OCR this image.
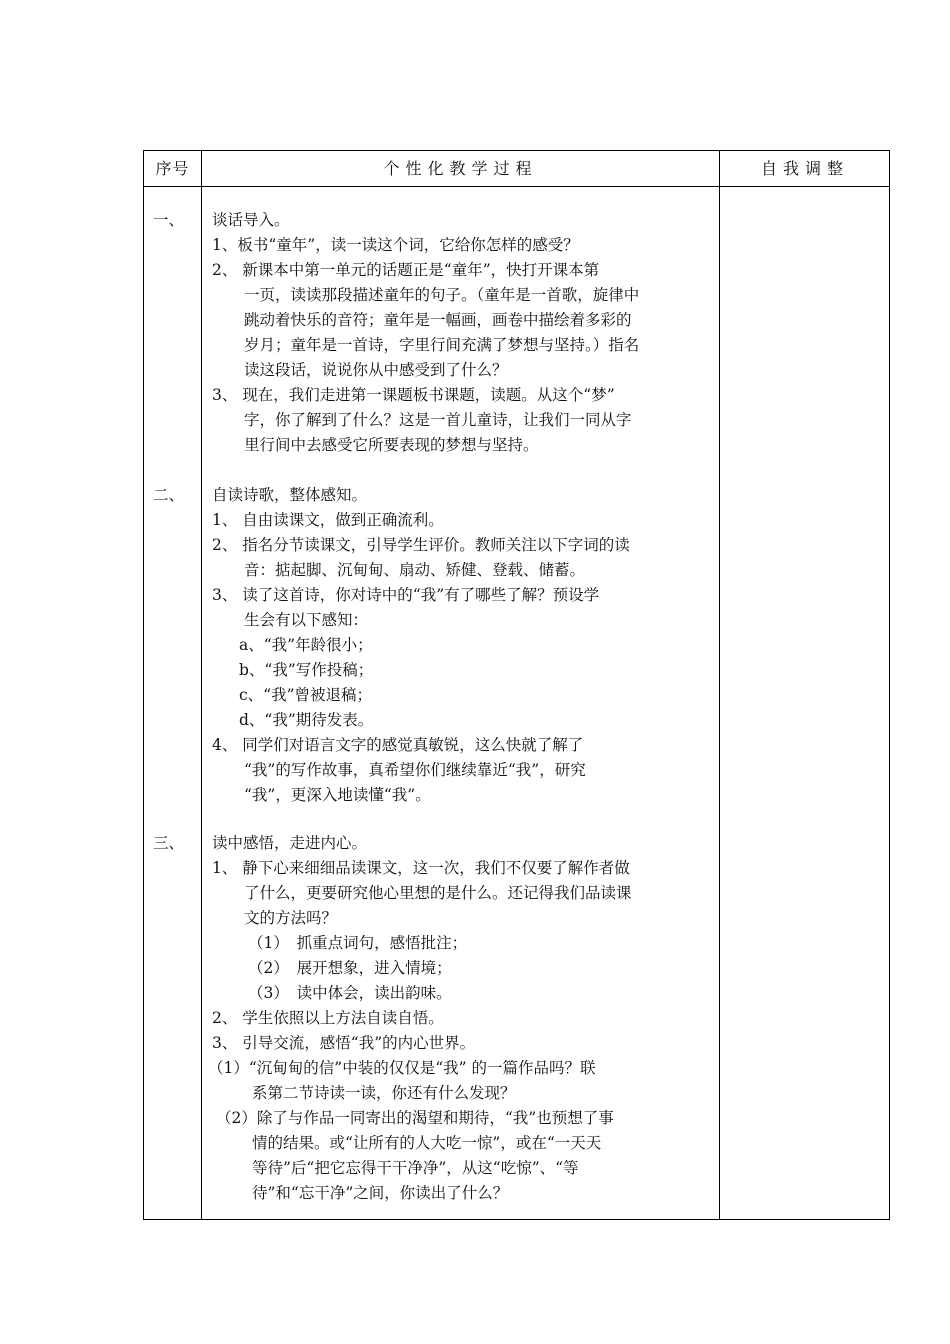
序号	个性化教学过程	自我调整
一、 谈话导入。
1、板书“童年”，读一读这个词，它给你怎样的感受？
2、 新课本中第一单元的话题正是“童年”，快打开课本第
一页，读读那段描述童年的句子。（童年是一首歌，旋律中
跳动着快乐的音符；童年是一幅画，画卷中描绘着多彩的
岁月；童年是一首诗，字里行间充满了梦想与坚持。）指名
读这段话，说说你从中感受到了什么？
3、 现在，我们走进第一课题板书课题，读题。从这个“梦”
字，你了解到了什么？这是一首儿童诗，让我们一同从字
里行间中去感受它所要表现的梦想与坚持。
二、 自读诗歌，整体感知。
1、 自由读课文，做到正确流利。
2、 指名分节读课文，引导学生评价。教师关注以下字词的读
音：掂起脚、沉甸甸、扇动、矫健、登载、储蓄。
3、 读了这首诗，你对诗中的“我”有了哪些了解？预设学
生会有以下感知：
a、“我”年龄很小；
b、“我”写作投稿；
c、“我”曾被退稿；
d、“我”期待发表。
4、 同学们对语言文字的感觉真敏锐，这么快就了解了
“我”的写作故事，真希望你们继续靠近“我”，研究
“我”，更深入地读懂“我”。
三、 读中感悟，走进内心。
1、 静下心来细细品读课文，这一次，我们不仅要了解作者做
了什么，更要研究他心里想的是什么。还记得我们品读课
文的方法吗？
（1）　抓重点词句，感悟批注；
（2）　展开想象，进入情境；
（3）　读中体会，读出韵味。
2、 学生依照以上方法自读自悟。
3、 引导交流，感悟“我”的内心世界。
（1）“沉甸甸的信”中装的仅仅是“我” 的一篇作品吗？联
系第二节诗读一读，你还有什么发现？
（2）除了与作品一同寄出的渴望和期待，“我”也预想了事
情的结果。或“让所有的人大吃一惊”，或在“一天天
等待”后“把它忘得干干净净”，从这“吃惊”、“等
待”和“忘干净”之间，你读出了什么？
